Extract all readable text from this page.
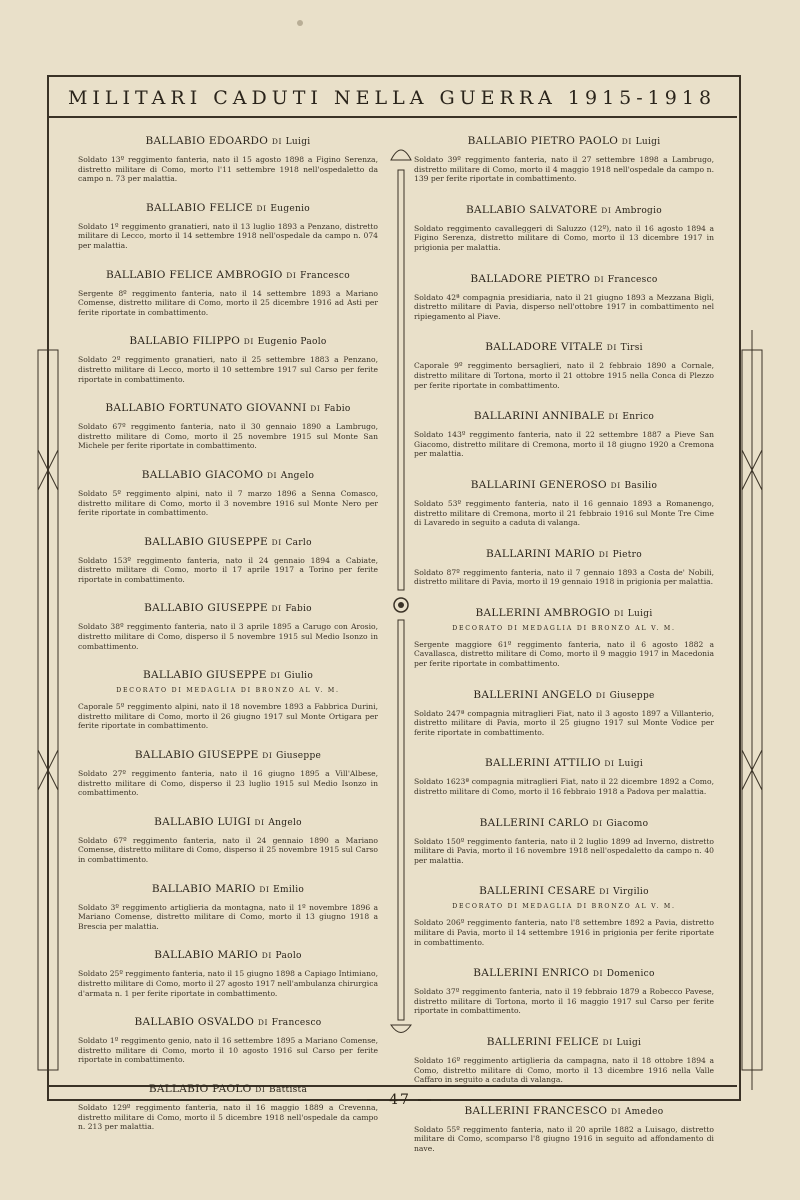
MILITARI CADUTI NELLA GUERRA 1915-1918
BALLABIO EDOARDO DI Luigi

Soldato 13º reggimento fanteria, nato il 15 agosto 1898 a Figino Serenza, distretto militare di Como, morto l'11 settembre 1918 nell'ospedaletto da campo n. 73 per malattia.

BALLABIO FELICE DI Eugenio

Soldato 1º reggimento granatieri, nato il 13 luglio 1893 a Penzano, distretto militare di Lecco, morto il 14 settembre 1918 nell'ospedale da campo n. 074 per malattia.

BALLABIO FELICE AMBROGIO DI Francesco

Sergente 8º reggimento fanteria, nato il 14 settembre 1893 a Mariano Comense, distretto militare di Como, morto il 25 dicembre 1916 ad Asti per ferite riportate in combattimento.

BALLABIO FILIPPO DI Eugenio Paolo

Soldato 2º reggimento granatieri, nato il 25 settembre 1883 a Penzano, distretto militare di Lecco, morto il 10 settembre 1917 sul Carso per ferite riportate in combattimento.

BALLABIO FORTUNATO GIOVANNI DI Fabio

Soldato 67º reggimento fanteria, nato il 30 gennaio 1890 a Lambrugo, distretto militare di Como, morto il 25 novembre 1915 sul Monte San Michele per ferite riportate in combattimento.

BALLABIO GIACOMO DI Angelo

Soldato 5º reggimento alpini, nato il 7 marzo 1896 a Senna Comasco, distretto militare di Como, morto il 3 novembre 1916 sul Monte Nero per ferite riportate in combattimento.

BALLABIO GIUSEPPE DI Carlo

Soldato 153º reggimento fanteria, nato il 24 gennaio 1894 a Cabiate, distretto militare di Como, morto il 17 aprile 1917 a Torino per ferite riportate in combattimento.

BALLABIO GIUSEPPE DI Fabio

Soldato 38º reggimento fanteria, nato il 3 aprile 1895 a Carugo con Arosio, distretto militare di Como, disperso il 5 novembre 1915 sul Medio Isonzo in combattimento.

BALLABIO GIUSEPPE DI Giulio
DECORATO DI MEDAGLIA DI BRONZO AL V. M.

Caporale 5º reggimento alpini, nato il 18 novembre 1893 a Fabbrica Durini, distretto militare di Como, morto il 26 giugno 1917 sul Monte Ortigara per ferite riportate in combattimento.

BALLABIO GIUSEPPE DI Giuseppe

Soldato 27º reggimento fanteria, nato il 16 giugno 1895 a Vill'Albese, distretto militare di Como, disperso il 23 luglio 1915 sul Medio Isonzo in combattimento.

BALLABIO LUIGI DI Angelo

Soldato 67º reggimento fanteria, nato il 24 gennaio 1890 a Mariano Comense, distretto militare di Como, disperso il 25 novembre 1915 sul Carso in combattimento.

BALLABIO MARIO DI Emilio

Soldato 3º reggimento artiglieria da montagna, nato il 1º novembre 1896 a Mariano Comense, distretto militare di Como, morto il 13 giugno 1918 a Brescia per malattia.

BALLABIO MARIO DI Paolo

Soldato 25º reggimento fanteria, nato il 15 giugno 1898 a Capiago Intimiano, distretto militare di Como, morto il 27 agosto 1917 nell'ambulanza chirurgica d'armata n. 1 per ferite riportate in combattimento.

BALLABIO OSVALDO DI Francesco

Soldato 1º reggimento genio, nato il 16 settembre 1895 a Mariano Comense, distretto militare di Como, morto il 10 agosto 1916 sul Carso per ferite riportate in combattimento.

BALLABIO PAOLO DI Battista

Soldato 129º reggimento fanteria, nato il 16 maggio 1889 a Crevenna, distretto militare di Como, morto il 5 dicembre 1918 nell'ospedale da campo n. 213 per malattia.

BALLABIO PIETRO PAOLO DI Luigi

Soldato 39º reggimento fanteria, nato il 27 settembre 1898 a Lambrugo, distretto militare di Como, morto il 4 maggio 1918 nell'ospedale da campo n. 139 per ferite riportate in combattimento.

BALLABIO SALVATORE DI Ambrogio

Soldato reggimento cavalleggeri di Saluzzo (12º), nato il 16 agosto 1894 a Figino Serenza, distretto militare di Como, morto il 13 dicembre 1917 in prigionia per malattia.

BALLADORE PIETRO DI Francesco

Soldato 42ª compagnia presidiaria, nato il 21 giugno 1893 a Mezzana Bigli, distretto militare di Pavia, disperso nell'ottobre 1917 in combattimento nel ripiegamento al Piave.

BALLADORE VITALE DI Tirsi

Caporale 9º reggimento bersaglieri, nato il 2 febbraio 1890 a Cornale, distretto militare di Tortona, morto il 21 ottobre 1915 nella Conca di Plezzo per ferite riportate in combattimento.

BALLARINI ANNIBALE DI Enrico

Soldato 143º reggimento fanteria, nato il 22 settembre 1887 a Pieve San Giacomo, distretto militare di Cremona, morto il 18 giugno 1920 a Cremona per malattia.

BALLARINI GENEROSO DI Basilio

Soldato 53º reggimento fanteria, nato il 16 gennaio 1893 a Romanengo, distretto militare di Cremona, morto il 21 febbraio 1916 sul Monte Tre Cime di Lavaredo in seguito a caduta di valanga.

BALLARINI MARIO DI Pietro

Soldato 87º reggimento fanteria, nato il 7 gennaio 1893 a Costa de' Nobili, distretto militare di Pavia, morto il 19 gennaio 1918 in prigionia per malattia.

BALLERINI AMBROGIO DI Luigi
DECORATO DI MEDAGLIA DI BRONZO AL V. M.

Sergente maggiore 61º reggimento fanteria, nato il 6 agosto 1882 a Cavallasca, distretto militare di Como, morto il 9 maggio 1917 in Macedonia per ferite riportate in combattimento.

BALLERINI ANGELO DI Giuseppe

Soldato 247ª compagnia mitraglieri Fiat, nato il 3 agosto 1897 a Villanterio, distretto militare di Pavia, morto il 25 giugno 1917 sul Monte Vodice per ferite riportate in combattimento.

BALLERINI ATTILIO DI Luigi

Soldato 1623ª compagnia mitraglieri Fiat, nato il 22 dicembre 1892 a Como, distretto militare di Como, morto il 16 febbraio 1918 a Padova per malattia.

BALLERINI CARLO DI Giacomo

Soldato 150º reggimento fanteria, nato il 2 luglio 1899 ad Inverno, distretto militare di Pavia, morto il 16 novembre 1918 nell'ospedaletto da campo n. 40 per malattia.

BALLERINI CESARE DI Virgilio
DECORATO DI MEDAGLIA DI BRONZO AL V. M.

Soldato 206º reggimento fanteria, nato l'8 settembre 1892 a Pavia, distretto militare di Pavia, morto il 14 settembre 1916 in prigionia per ferite riportate in combattimento.

BALLERINI ENRICO DI Domenico

Soldato 37º reggimento fanteria, nato il 19 febbraio 1879 a Robecco Pavese, distretto militare di Tortona, morto il 16 maggio 1917 sul Carso per ferite riportate in combattimento.

BALLERINI FELICE DI Luigi

Soldato 16º reggimento artiglieria da campagna, nato il 18 ottobre 1894 a Como, distretto militare di Como, morto il 13 dicembre 1916 nella Valle Caffaro in seguito a caduta di valanga.

BALLERINI FRANCESCO DI Amedeo

Soldato 55º reggimento fanteria, nato il 20 aprile 1882 a Luisago, distretto militare di Como, scomparso l'8 giugno 1916 in seguito ad affondamento di nave.

— 47 —
